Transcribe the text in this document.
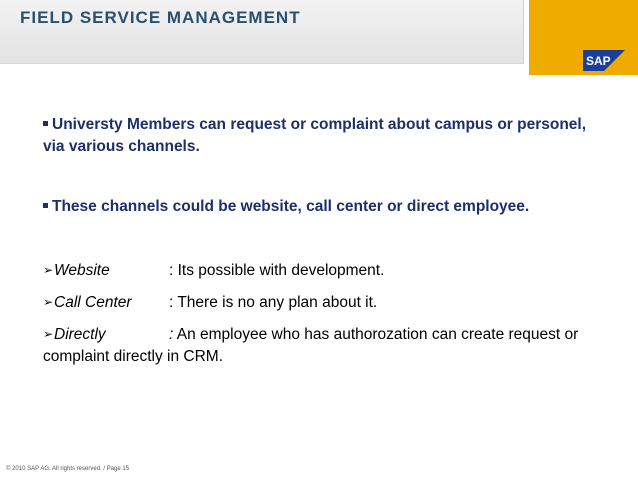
FIELD SERVICE MANAGEMENT
SAP
Universty Members can request or complaint about campus or personel, via various channels.
These channels could be website, call center or direct employee.
➢Website	: Its possible with development.
➢Call Center : There is no any plan about it.
➢Directly	: An employee who has authorozation can create request or complaint directly in CRM.
© 2010 SAP AG. All rights reserved. / Page 15
